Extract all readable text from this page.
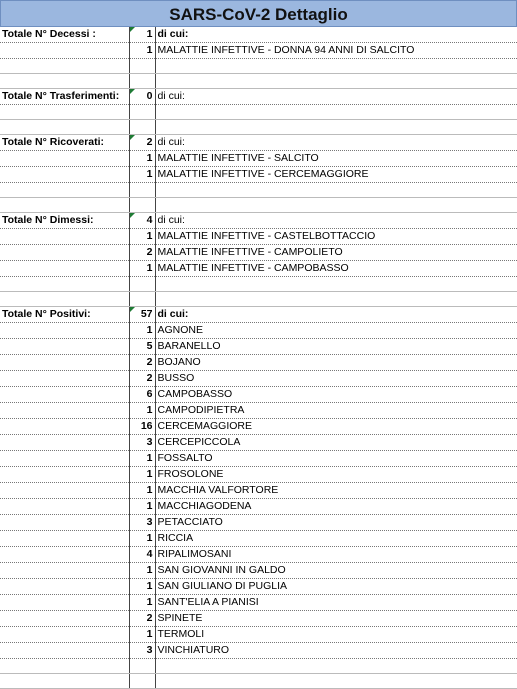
SARS-CoV-2 Dettaglio
Totale N° Decessi :	1	di cui:
	1	MALATTIE INFETTIVE - DONNA 94 ANNI DI SALCITO

Totale N° Trasferimenti:	0	di cui:

Totale N° Ricoverati:	2	di cui:
	1	MALATTIE INFETTIVE - SALCITO
	1	MALATTIE INFETTIVE - CERCEMAGGIORE

Totale N° Dimessi:	4	di cui:
	1	MALATTIE INFETTIVE - CASTELBOTTACCIO
	2	MALATTIE INFETTIVE - CAMPOLIETO
	1	MALATTIE INFETTIVE - CAMPOBASSO

Totale N° Positivi:	57	di cui:
	1	AGNONE
	5	BARANELLO
	2	BOJANO
	2	BUSSO
	6	CAMPOBASSO
	1	CAMPODIPIETRA
	16	CERCEMAGGIORE
	3	CERCEPICCOLA
	1	FOSSALTO
	1	FROSOLONE
	1	MACCHIA VALFORTORE
	1	MACCHIAGODENA
	3	PETACCIATO
	1	RICCIA
	4	RIPALIMOSANI
	1	SAN GIOVANNI IN GALDO
	1	SAN GIULIANO DI PUGLIA
	1	SANT'ELIA A PIANISI
	2	SPINETE
	1	TERMOLI
	3	VINCHIATURO
